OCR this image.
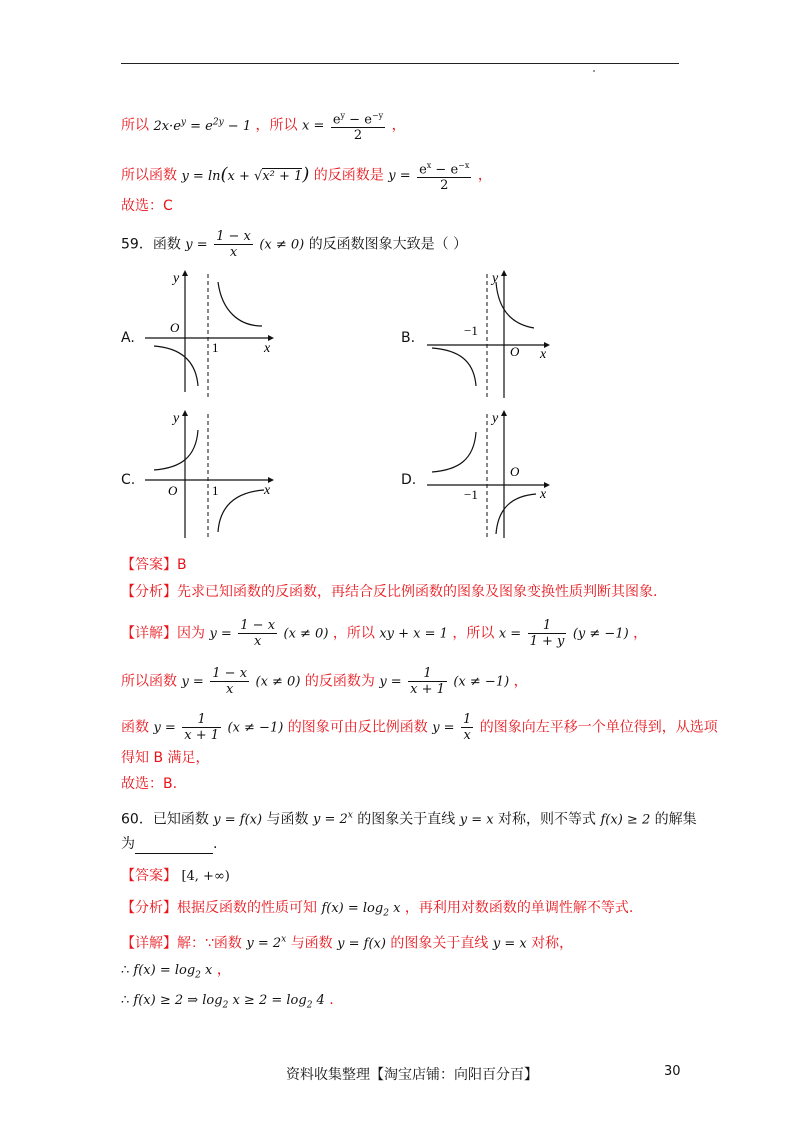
所以 $2x\cdot e^y = e^{2y} - 1$ ，所以 $x = \frac{e^y - e^{-y}}{2}$ ，
所以函数 y = ln(x + √x² + 1) 的反函数是 $y = \frac{e^x - e^{-x}}{2}$ ，
故选：C
59．函数 $y = \frac{1 - x}{x} (x \ne 0)$ 的反函数图象大致是（ ）
A.
O
1	x
y
B.
O
−1
x
y
C.
O	1	x
y
D.
O
−1	x
y
【答案】B
【分析】先求已知函数的反函数，再结合反比例函数的图象及图象变换性质判断其图象.
【详解】因为 $y = \frac{1 - x}{x} (x \ne 0)$ ，所以 xy + x = 1 ，所以 $x = \frac{1}{1 + y} (y \ne -1)$ ，
所以函数 $y = \frac{1 - x}{x} (x \ne 0)$ 的反函数为 $y = \frac{1}{x + 1} (x \ne -1)$ ，
函数 $y = \frac{1}{x + 1} (x \ne -1)$ 的图象可由反比例函数 $y = \frac{1}{x}$ 的图象向左平移一个单位得到，从选项
得知 B 满足，
故选：B.
60．已知函数 y = f(x) 与函数 $y = 2^x$ 的图象关于直线 y = x 对称，则不等式 f(x) ≥ 2 的解集
为	.
【答案】 [4, +∞)
【分析】根据反函数的性质可知 $f(x) = \log_2 x$ ，再利用对数函数的单调性解不等式.
【详解】解：∵函数 $y = 2^x$ 与函数 y = f(x) 的图象关于直线 y = x 对称，
∴ $f(x) = \log_2 x$ ，
∴ f(x) ≥ 2 ⇒ $\log_2 x \ge 2 = \log_2 4$ .
资料收集整理【淘宝店铺：向阳百分百】	30
